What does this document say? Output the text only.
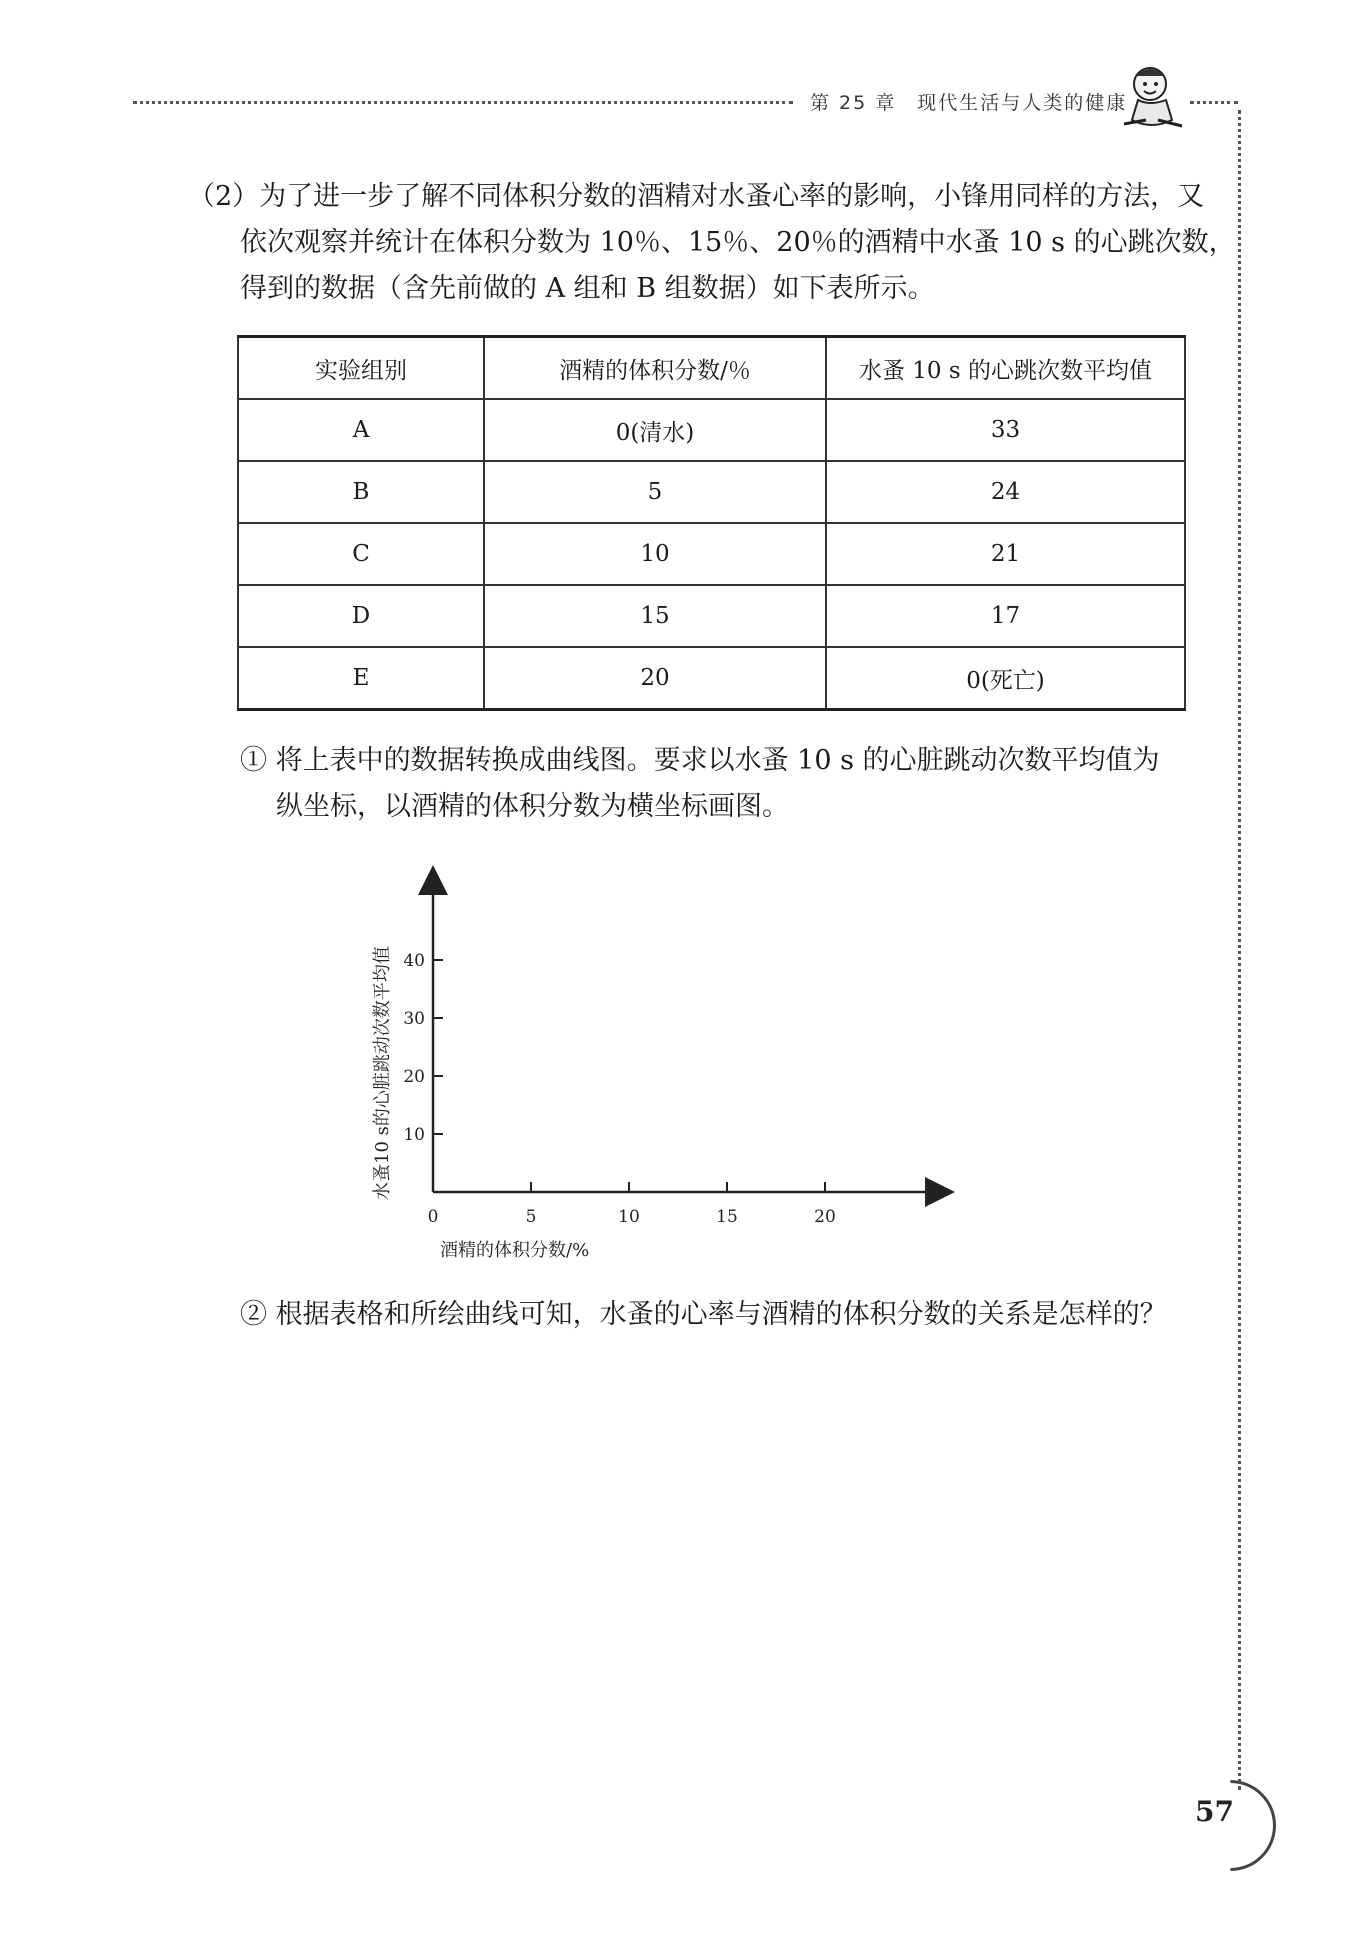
第 25 章　现代生活与人类的健康
57
（2）为了进一步了解不同体积分数的酒精对水蚤心率的影响，小锋用同样的方法，又
依次观察并统计在体积分数为 10％、15％、20％的酒精中水蚤 10 s 的心跳次数，
得到的数据（含先前做的 A 组和 B 组数据）如下表所示。
实验组别	酒精的体积分数/％	水蚤 10 s 的心跳次数平均值
A	0(清水)	33
B	5	24
C	10	21
D	15	17
E	20	0(死亡)
① 将上表中的数据转换成曲线图。要求以水蚤 10 s 的心脏跳动次数平均值为
纵坐标，以酒精的体积分数为横坐标画图。
0	5	10	15	20
10
20
30
40
酒精的体积分数/%
水蚤10 s的心脏跳动次数平均值
② 根据表格和所绘曲线可知，水蚤的心率与酒精的体积分数的关系是怎样的？
